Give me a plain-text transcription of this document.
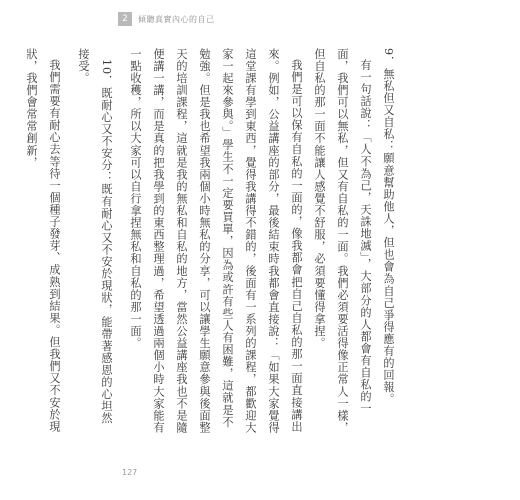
2	傾聽真實內心的自己

9．無私但又自私：願意幫助他人，但也會為自己爭得應有的回報。

有一句話說：「人不為己，天誅地滅」，大部分的人都會有自私的一面，我們可以無私，但又有自私的一面。我們必須要活得像正常人一樣，但自私的那一面不能讓人感覺不舒服，必須要懂得拿捏。

我們是可以保有自私的一面的，像我都會把自己自私的那一面直接講出來。例如，公益講座的部分，最後結束時我都會直接說：「如果大家覺得這堂課有學到東西，覺得我講得不錯的，後面有一系列的課程，都歡迎大家一起來參與。」學生不一定要買單，因為或許有些人有困難，這就是不勉強。但是我也希望我兩個小時無私的分享，可以讓學生願意參與後面整天的培訓課程，這就是我的無私和自私的地方，當然公益講座我也不是隨便講一講，而是真的把我學到的東西整理過，希望透過兩個小時大家能有一點收穫，所以大家可以自行拿捏無私和自私的那一面。

10．既耐心又不安分：既有耐心又不安於現狀，能帶著感恩的心坦然接受。

我們需要有耐心去等待一個種子發芽、成熟到結果。但我們又不安於現狀，我們會常常創新，

127
